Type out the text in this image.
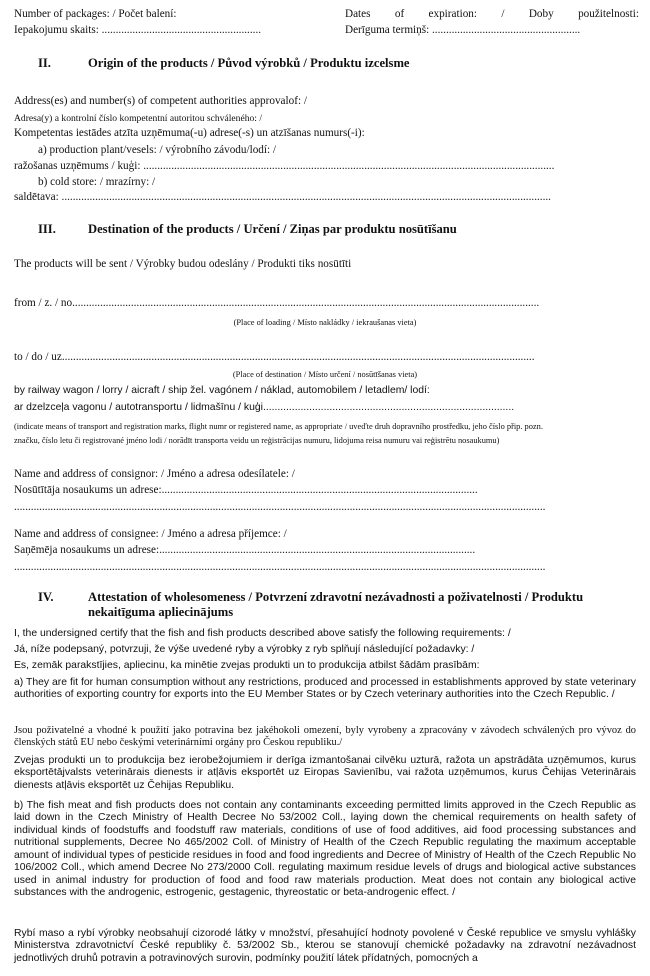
Number of packages: / Počet balení:
Iepakojumu skaits: .........................................................
Dates of expiration: / Doby použitelnosti:
Derīguma termiņš: .....................................................
II.	Origin of the products / Původ výrobků / Produktu izcelsme
Address(es) and number(s) of competent authorities approvalof: /
Adresa(y) a kontrolní číslo kompetentní autoritou schváleného: /
Kompetentas iestādes atzīta uzņēmuma(-u) adrese(-s) un atzīšanas numurs(-i):
a) production plant/vesels: / výrobního závodu/lodí: /
ražošanas uzņēmums / kuģi: ...................................................................................................................................................
b) cold store: / mrazírny: /
saldētava: ...............................................................................................................................................................................
III.	Destination of the products / Určení / Ziņas par produktu nosūtīšanu
The products will be sent / Výrobky budou odeslány / Produkti tiks nosūtīti
from / z. / no.......................................................................................................................................................................
(Place of loading / Místo nakládky / iekraušanas vieta)
to / do / uz.........................................................................................................................................................................
(Place of destination / Místo určení / nosūtīšanas vieta)
by railway wagon / lorry / aicraft / ship žel. vagónem / náklad, automobilem / letadlem/ lodí:
ar dzelzceļa vagonu / autotransportu / lidmašīnu / kuģi.......................................................................................
(indicate means of transport and registration marks, flight numr or registered name, as appropriate / uveďte druh dopravního prostředku, jeho číslo přip. pozn.
značku, číslo letu či registrované jméno lodi / norādīt transporta veidu un reģistrācijas numuru, lidojuma reisa numuru vai reģistrētu nosaukumu)
Name and address of consignor: / Jméno a adresa odesílatele: /
Nosūtītāja nosaukums un adrese:.................................................................................................................
..............................................................................................................................................................................................
Name and address of consignee: / Jméno a adresa příjemce: /
Saņēmēja nosaukums un adrese:.................................................................................................................
..............................................................................................................................................................................................
IV.	Attestation of wholesomeness / Potvrzení zdravotní nezávadnosti a poživatelnosti / Produktu
nekaitīguma apliecinājums
I, the undersigned certify that the fish and fish products described above satisfy the following requirements: /
Já, níže podepsaný, potvrzuji, že výše uvedené ryby a výrobky z ryb splňují následující požadavky: /
Es, zemāk parakstījies, apliecinu, ka minētie zvejas produkti un to produkcija atbilst šādām prasībām:
a) They are fit for human consumption without any restrictions, produced and processed in establishments approved by state veterinary authorities of exporting country for exports into the EU Member States or by Czech veterinary authorities into the Czech Republic. /
Jsou poživatelné a vhodné k použití jako potravina bez jakéhokoli omezení, byly vyrobeny a zpracovány v závodech schválených pro vývoz do členských států EU nebo českými veterinárními orgány pro Českou republiku./
Zvejas produkti un to produkcija bez ierobežojumiem ir derīga izmantošanai cilvēku uzturā, ražota un apstrādāta uzņēmumos, kurus eksportētājvalsts veterinārais dienests ir atļāvis eksportēt uz Eiropas Savienību, vai ražota uzņēmumos, kurus Čehijas Veterinārais dienests atļāvis eksportēt uz Čehijas Republiku.
b) The fish meat and fish products does not contain any contaminants exceeding permitted limits approved in the Czech Republic as laid down in the Czech Ministry of Health Decree No 53/2002 Coll., laying down the chemical requirements on health safety of individual kinds of foodstuffs and foodstuff raw materials, conditions of use of food additives, aid food processing substances and nutritional supplements, Decree No 465/2002 Coll. of Ministry of Health of the Czech Republic regulating the maximum acceptable amount of individual types of pesticide residues in food and food ingredients and Decree of Ministry of Health of the Czech Republic No 106/2002 Coll., which amend Decree No 273/2000 Coll. regulating maximum residue levels of drugs and biological active substances used in animal industry for production of food and food raw materials production. Meat does not contain any biological active substances with the androgenic, estrogenic, gestagenic, thyreostatic or beta-androgenic effect. /
Rybí maso a rybí výrobky neobsahují cizorodé látky v množství, přesahující hodnoty povolené v České republice ve smyslu vyhlášky Ministerstva zdravotnictví České republiky č. 53/2002 Sb., kterou se stanovují chemické požadavky na zdravotní nezávadnost jednotlivých druhů potravin a potravinových surovin, podmínky použití látek přídatných, pomocných a
